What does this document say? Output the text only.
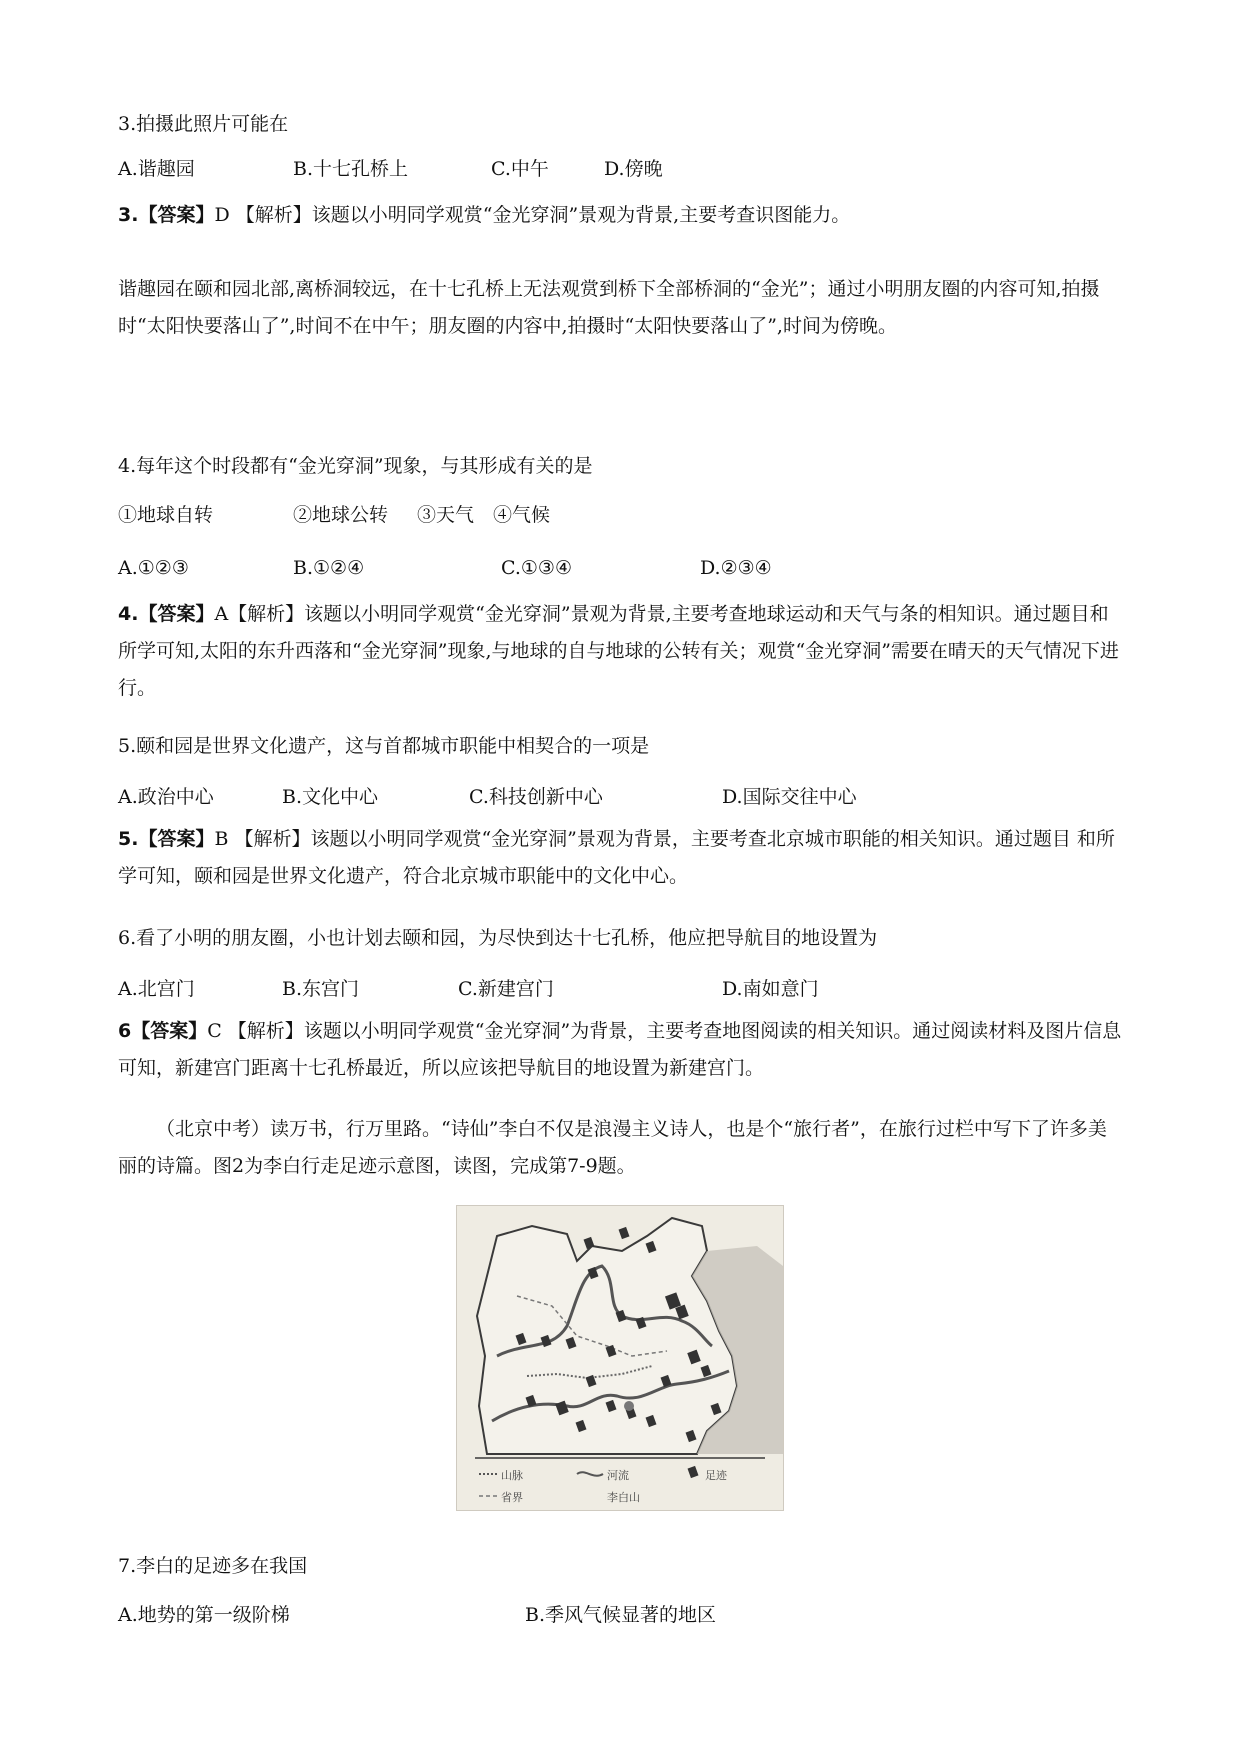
3.拍摄此照片可能在
A.谐趣园	B.十七孔桥上	C.中午	D.傍晚
3.【答案】D 【解析】该题以小明同学观赏“金光穿洞”景观为背景,主要考查识图能力。
谐趣园在颐和园北部,离桥洞较远，在十七孔桥上无法观赏到桥下全部桥洞的“金光”；通过小明朋友圈的内容可知,拍摄时“太阳快要落山了”,时间不在中午；朋友圈的内容中,拍摄时“太阳快要落山了”,时间为傍晚。
4.每年这个时段都有“金光穿洞”现象，与其形成有关的是
①地球自转	②地球公转 ③天气 ④气候
A.①②③	B.①②④	C.①③④	D.②③④
4.【答案】A【解析】该题以小明同学观赏“金光穿洞”景观为背景,主要考查地球运动和天气与条的相知识。通过题目和所学可知,太阳的东升西落和“金光穿洞”现象,与地球的自与地球的公转有关；观赏“金光穿洞”需要在晴天的天气情况下进行。
5.颐和园是世界文化遗产，这与首都城市职能中相契合的一项是
A.政治中心	B.文化中心	C.科技创新中心	D.国际交往中心
5.【答案】B 【解析】该题以小明同学观赏“金光穿洞”景观为背景，主要考查北京城市职能的相关知识。通过题目 和所学可知，颐和园是世界文化遗产，符合北京城市职能中的文化中心。
6.看了小明的朋友圈，小也计划去颐和园，为尽快到达十七孔桥，他应把导航目的地设置为
A.北宫门	B.东宫门	C.新建宫门	D.南如意门
6【答案】C 【解析】该题以小明同学观赏“金光穿洞”为背景，主要考查地图阅读的相关知识。通过阅读材料及图片信息可知，新建宫门距离十七孔桥最近，所以应该把导航目的地设置为新建宫门。
（北京中考）读万书，行万里路。“诗仙”李白不仅是浪漫主义诗人，也是个“旅行者”，在旅行过栏中写下了许多美丽的诗篇。图2为李白行走足迹示意图，读图，完成第7-9题。
山脉	河流	足迹
省界	李白山
7.李白的足迹多在我国
A.地势的第一级阶梯	B.季风气候显著的地区
